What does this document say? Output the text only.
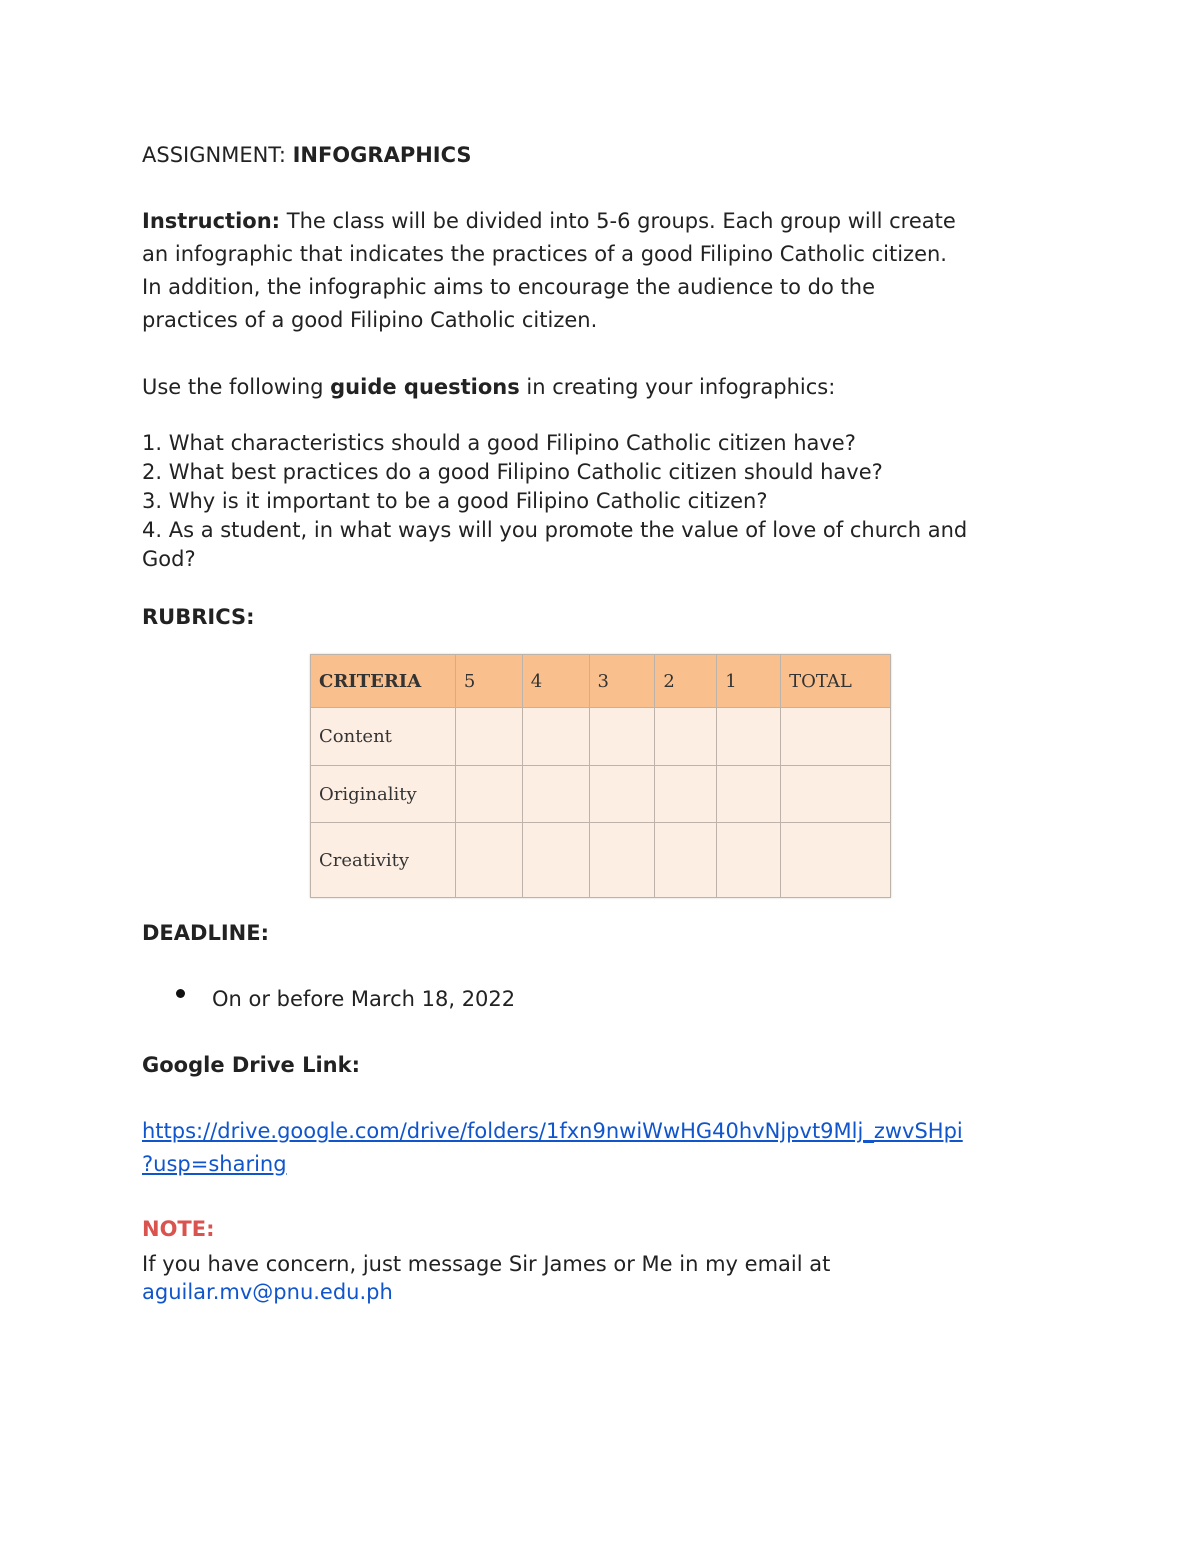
ASSIGNMENT: INFOGRAPHICS
Instruction: The class will be divided into 5-6 groups. Each group will create
an infographic that indicates the practices of a good Filipino Catholic citizen.
In addition, the infographic aims to encourage the audience to do the
practices of a good Filipino Catholic citizen.
Use the following guide questions in creating your infographics:
1. What characteristics should a good Filipino Catholic citizen have?
2. What best practices do a good Filipino Catholic citizen should have?
3. Why is it important to be a good Filipino Catholic citizen?
4. As a student, in what ways will you promote the value of love of church and
God?
RUBRICS:
CRITERIA	5	4	3	2	1	TOTAL
Content						
Originality						
Creativity						
DEADLINE:
On or before March 18, 2022
Google Drive Link:
https://drive.google.com/drive/folders/1fxn9nwiWwHG40hvNjpvt9Mlj_zwvSHpi
?usp=sharing
NOTE:
If you have concern, just message Sir James or Me in my email at
aguilar.mv@pnu.edu.ph
